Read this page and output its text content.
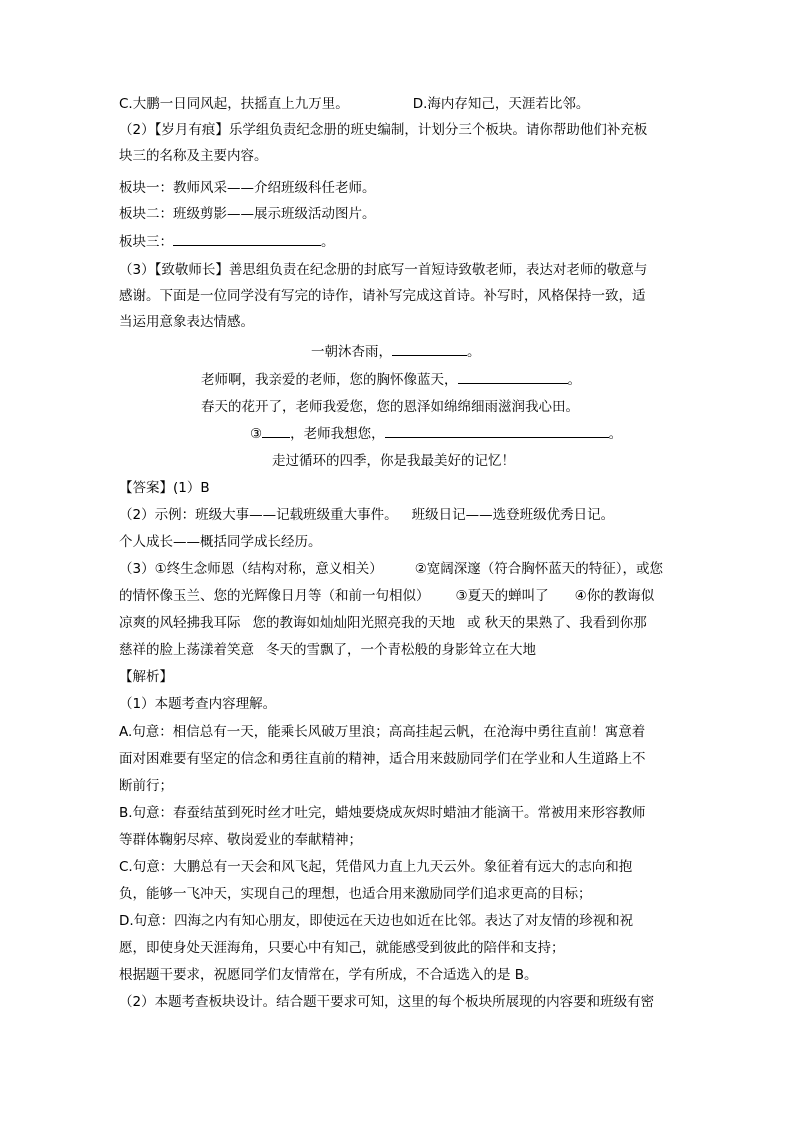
C.大鹏一日同风起，扶摇直上九万里。	D.海内存知己，天涯若比邻。
（2）【岁月有痕】乐学组负责纪念册的班史编制，计划分三个板块。请你帮助他们补充板
块三的名称及主要内容。
板块一：教师风采——介绍班级科任老师。
板块二：班级剪影——展示班级活动图片。
板块三：	。
（3）【致敬师长】善思组负责在纪念册的封底写一首短诗致敬老师，表达对老师的敬意与
感谢。下面是一位同学没有写完的诗作，请补写完成这首诗。补写时，风格保持一致，适
当运用意象表达情感。
一朝沐杏雨，	。
老师啊，我亲爱的老师，您的胸怀像蓝天，	。
春天的花开了，老师我爱您，您的恩泽如绵绵细雨滋润我心田。
③ ，老师我想您，	。
走过循环的四季，你是我最美好的记忆！
【答案】(1）B
（2）示例：班级大事——记载班级重大事件。 班级日记——选登班级优秀日记。
个人成长——概括同学成长经历。
（3）①终生念师恩（结构对称，意义相关） ②宽阔深邃（符合胸怀蓝天的特征），或您
的情怀像玉兰、您的光辉像日月等（和前一句相似） ③夏天的蝉叫了 ④你的教诲似
凉爽的风轻拂我耳际 您的教诲如灿灿阳光照亮我的天地 或 秋天的果熟了、我看到你那
慈祥的脸上荡漾着笑意 冬天的雪飘了，一个青松般的身影耸立在大地
【解析】
（1）本题考查内容理解。
A.句意：相信总有一天，能乘长风破万里浪；高高挂起云帆，在沧海中勇往直前！寓意着
面对困难要有坚定的信念和勇往直前的精神，适合用来鼓励同学们在学业和人生道路上不
断前行；
B.句意：春蚕结茧到死时丝才吐完，蜡烛要烧成灰烬时蜡油才能滴干。常被用来形容教师
等群体鞠躬尽瘁、敬岗爱业的奉献精神；
C.句意：大鹏总有一天会和风飞起，凭借风力直上九天云外。象征着有远大的志向和抱
负，能够一飞冲天，实现自己的理想，也适合用来激励同学们追求更高的目标；
D.句意：四海之内有知心朋友，即使远在天边也如近在比邻。表达了对友情的珍视和祝
愿，即使身处天涯海角，只要心中有知己，就能感受到彼此的陪伴和支持；
根据题干要求，祝愿同学们友情常在，学有所成，不合适选入的是 B。
（2）本题考查板块设计。结合题干要求可知，这里的每个板块所展现的内容要和班级有密
